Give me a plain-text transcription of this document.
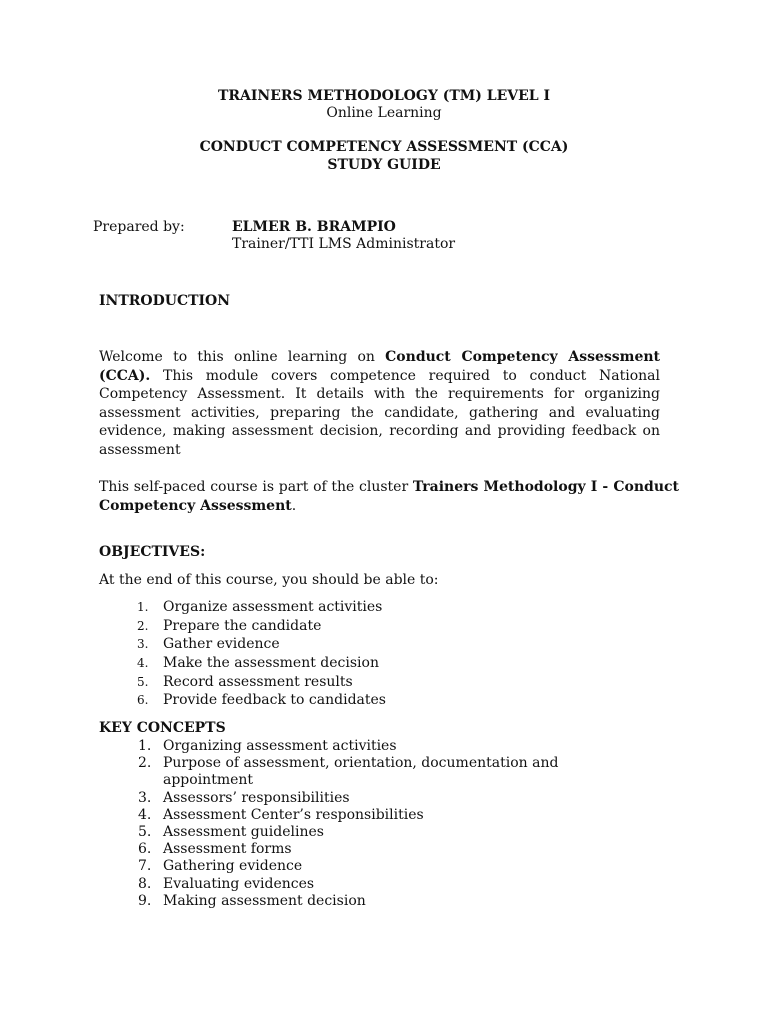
TRAINERS METHODOLOGY (TM) LEVEL I
Online Learning
CONDUCT COMPETENCY ASSESSMENT (CCA)
STUDY GUIDE
Prepared by:	ELMER B. BRAMPIO
Trainer/TTI LMS Administrator
INTRODUCTION
Welcome to this online learning on Conduct Competency Assessment (CCA). This module covers competence required to conduct National Competency Assessment. It details with the requirements for organizing assessment activities, preparing the candidate, gathering and evaluating evidence, making assessment decision, recording and providing feedback on assessment
This self-paced course is part of the cluster Trainers Methodology I - Conduct Competency Assessment.
OBJECTIVES:
At the end of this course, you should be able to:
1.	Organize assessment activities
2.	Prepare the candidate
3.	Gather evidence
4.	Make the assessment decision
5.	Record assessment results
6.	Provide feedback to candidates
KEY CONCEPTS
1. Organizing assessment activities
2. Purpose of assessment, orientation, documentation and
appointment
3. Assessors’ responsibilities
4. Assessment Center’s responsibilities
5. Assessment guidelines
6. Assessment forms
7. Gathering evidence
8. Evaluating evidences
9. Making assessment decision
